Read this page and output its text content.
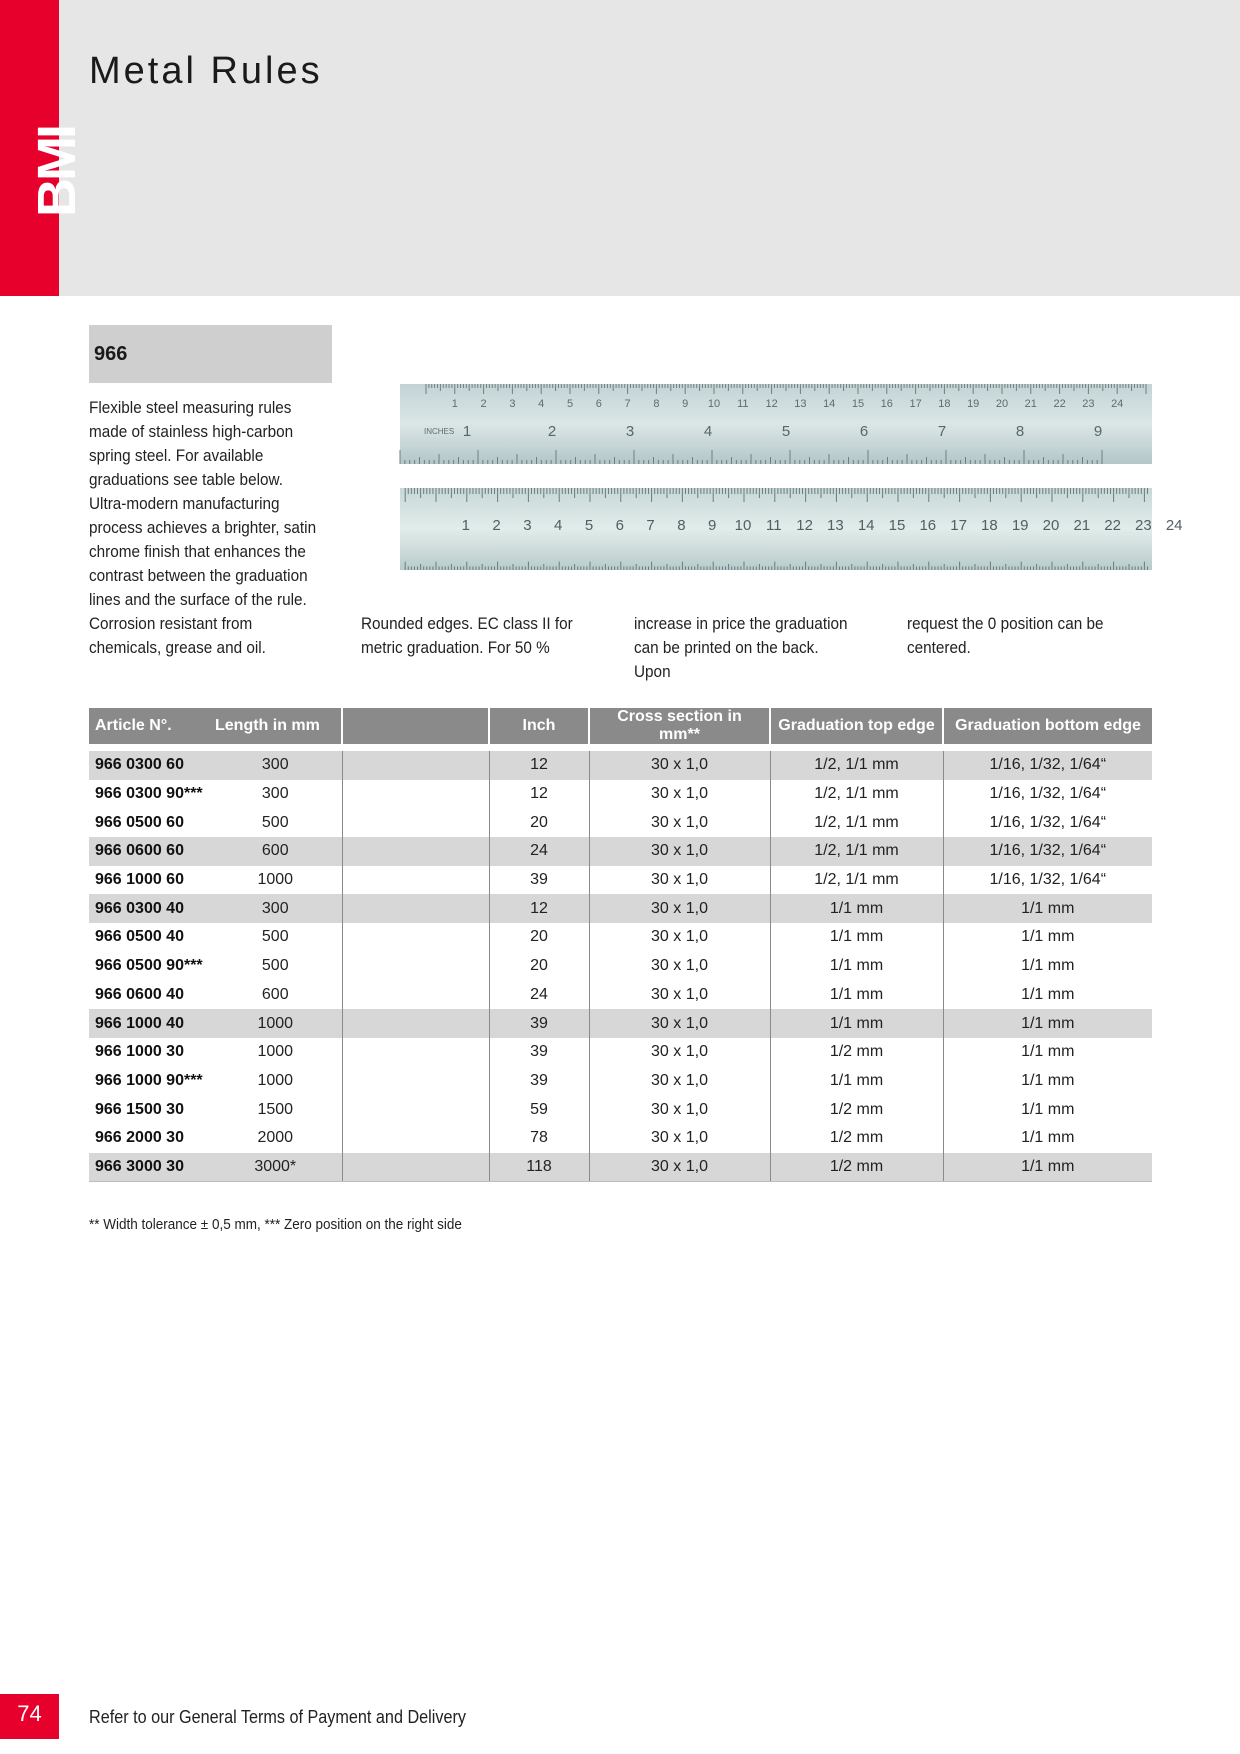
BMI
Metal Rules
966
Flexible steel measuring rules made of stainless high-carbon spring steel. For available graduations see table below. Ultra-modern manufacturing process achieves a brighter, satin chrome finish that enhances the contrast between the graduation lines and the surface of the rule. Corrosion resistant from chemicals, grease and oil.
Rounded edges. EC class II for metric graduation. For 50 %
increase in price the graduation can be printed on the back. Upon
request the 0 position can be centered.
1 2 3 4 5 6 7 8 9 10 11 12 13 14 15 16 17 18 19 20 21 22 23 24
INCHES 1	2	3	4	5	6	7	8	9
1 2 3 4 5 6 7 8 9 10 11 12 13 14 15 16 17 18 19 20 21 22 23 24
Article N°.	Length in mm		Inch	Cross section in mm**	Graduation top edge	Graduation bottom edge

966 0300 60	300		12	30 x 1,0	1/2, 1/1 mm	1/16, 1/32, 1/64“
966 0300 90***	300		12	30 x 1,0	1/2, 1/1 mm	1/16, 1/32, 1/64“
966 0500 60	500		20	30 x 1,0	1/2, 1/1 mm	1/16, 1/32, 1/64“
966 0600 60	600		24	30 x 1,0	1/2, 1/1 mm	1/16, 1/32, 1/64“
966 1000 60	1000		39	30 x 1,0	1/2, 1/1 mm	1/16, 1/32, 1/64“
966 0300 40	300		12	30 x 1,0	1/1 mm	1/1 mm
966 0500 40	500		20	30 x 1,0	1/1 mm	1/1 mm
966 0500 90***	500		20	30 x 1,0	1/1 mm	1/1 mm
966 0600 40	600		24	30 x 1,0	1/1 mm	1/1 mm
966 1000 40	1000		39	30 x 1,0	1/1 mm	1/1 mm
966 1000 30	1000		39	30 x 1,0	1/2 mm	1/1 mm
966 1000 90***	1000		39	30 x 1,0	1/1 mm	1/1 mm
966 1500 30	1500		59	30 x 1,0	1/2 mm	1/1 mm
966 2000 30	2000		78	30 x 1,0	1/2 mm	1/1 mm
966 3000 30	3000*		118	30 x 1,0	1/2 mm	1/1 mm
** Width tolerance ± 0,5 mm, *** Zero position on the right side
74	Refer to our General Terms of Payment and Delivery
